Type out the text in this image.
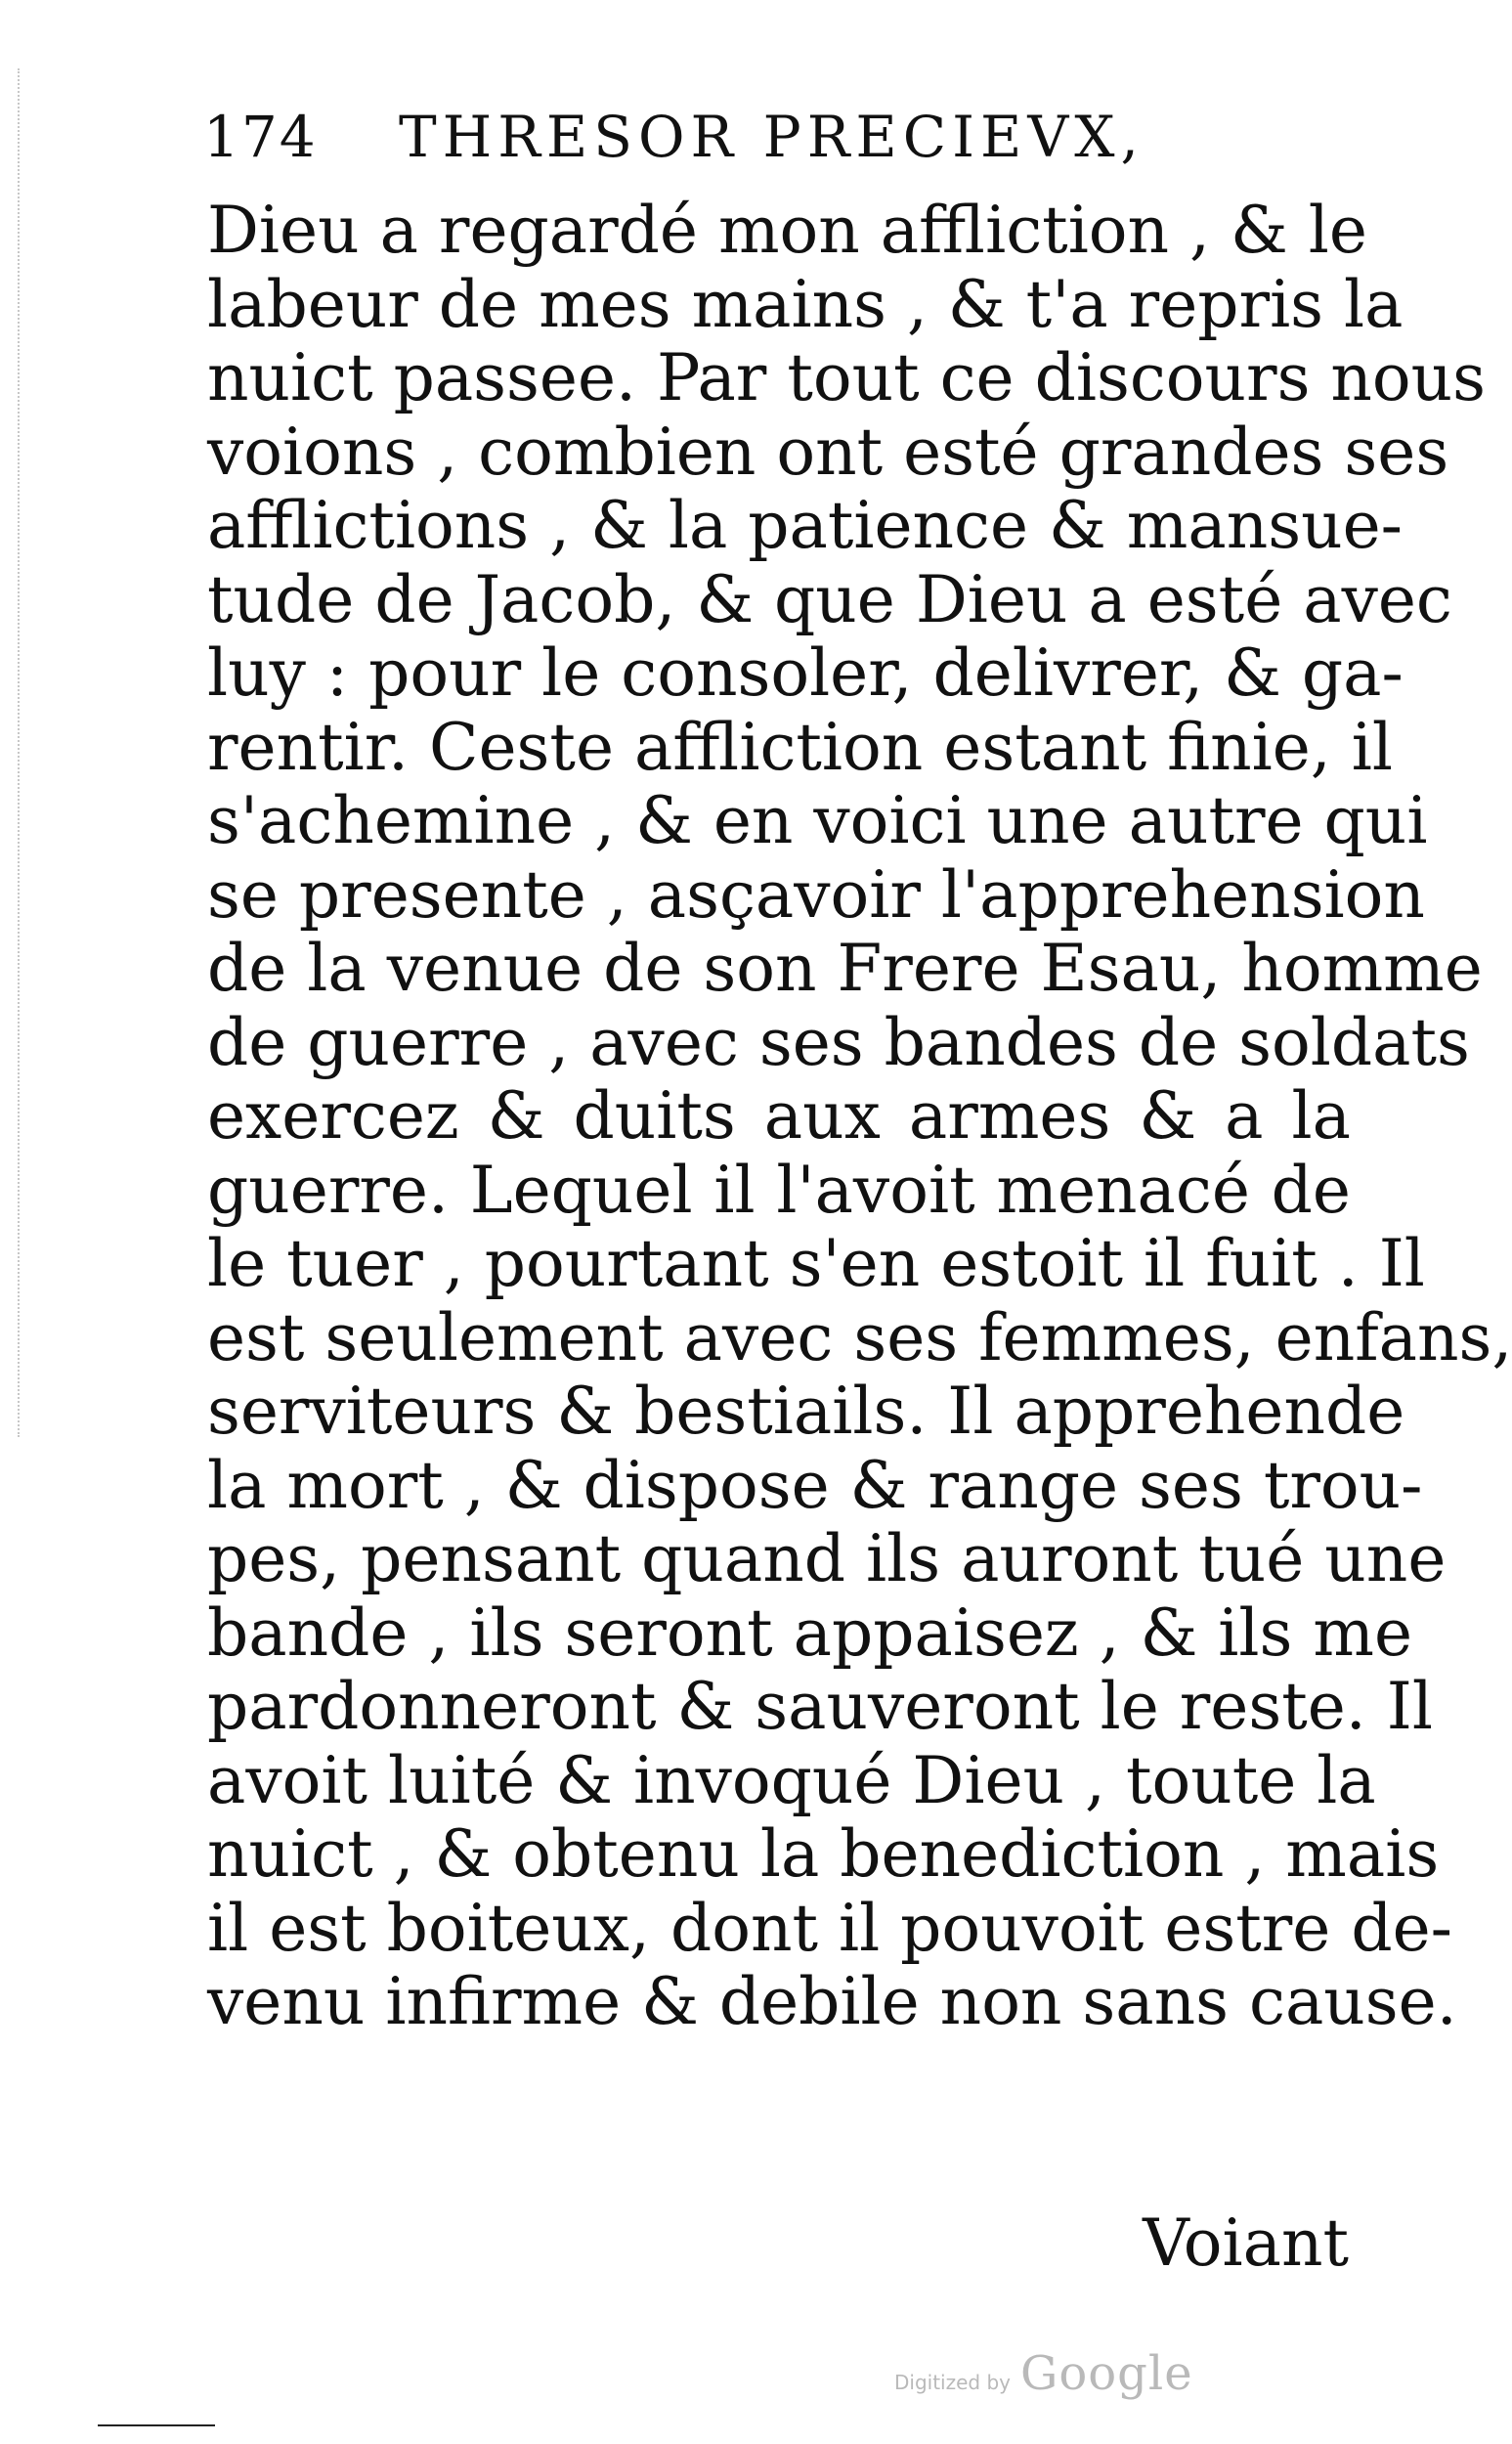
174	THRESOR PRECIEVX,
Dieu a regardé mon affliction , & le
labeur de mes mains , & t'a repris la
nuict passee. Par tout ce discours nous
voions , combien ont esté grandes ses
afflictions , & la patience & mansue-
tude de Jacob, & que Dieu a esté avec
luy : pour le consoler, delivrer, & ga-
rentir. Ceste affliction estant finie, il
s'achemine , & en voici une autre qui
se presente , asçavoir l'apprehension
de la venue de son Frere Esau, homme
de guerre , avec ses bandes de soldats
exercez & duits aux armes & a la
guerre. Lequel il l'avoit menacé de
le tuer , pourtant s'en estoit il fuit . Il
est seulement avec ses femmes, enfans,
serviteurs & bestiails. Il apprehende
la mort , & dispose & range ses trou-
pes, pensant quand ils auront tué une
bande , ils seront appaisez , & ils me
pardonneront & sauveront le reste. Il
avoit luité & invoqué Dieu , toute la
nuict , & obtenu la benediction , mais
il est boiteux, dont il pouvoit estre de-
venu infirme & debile non sans cause.
Voiant
Digitized by Google
